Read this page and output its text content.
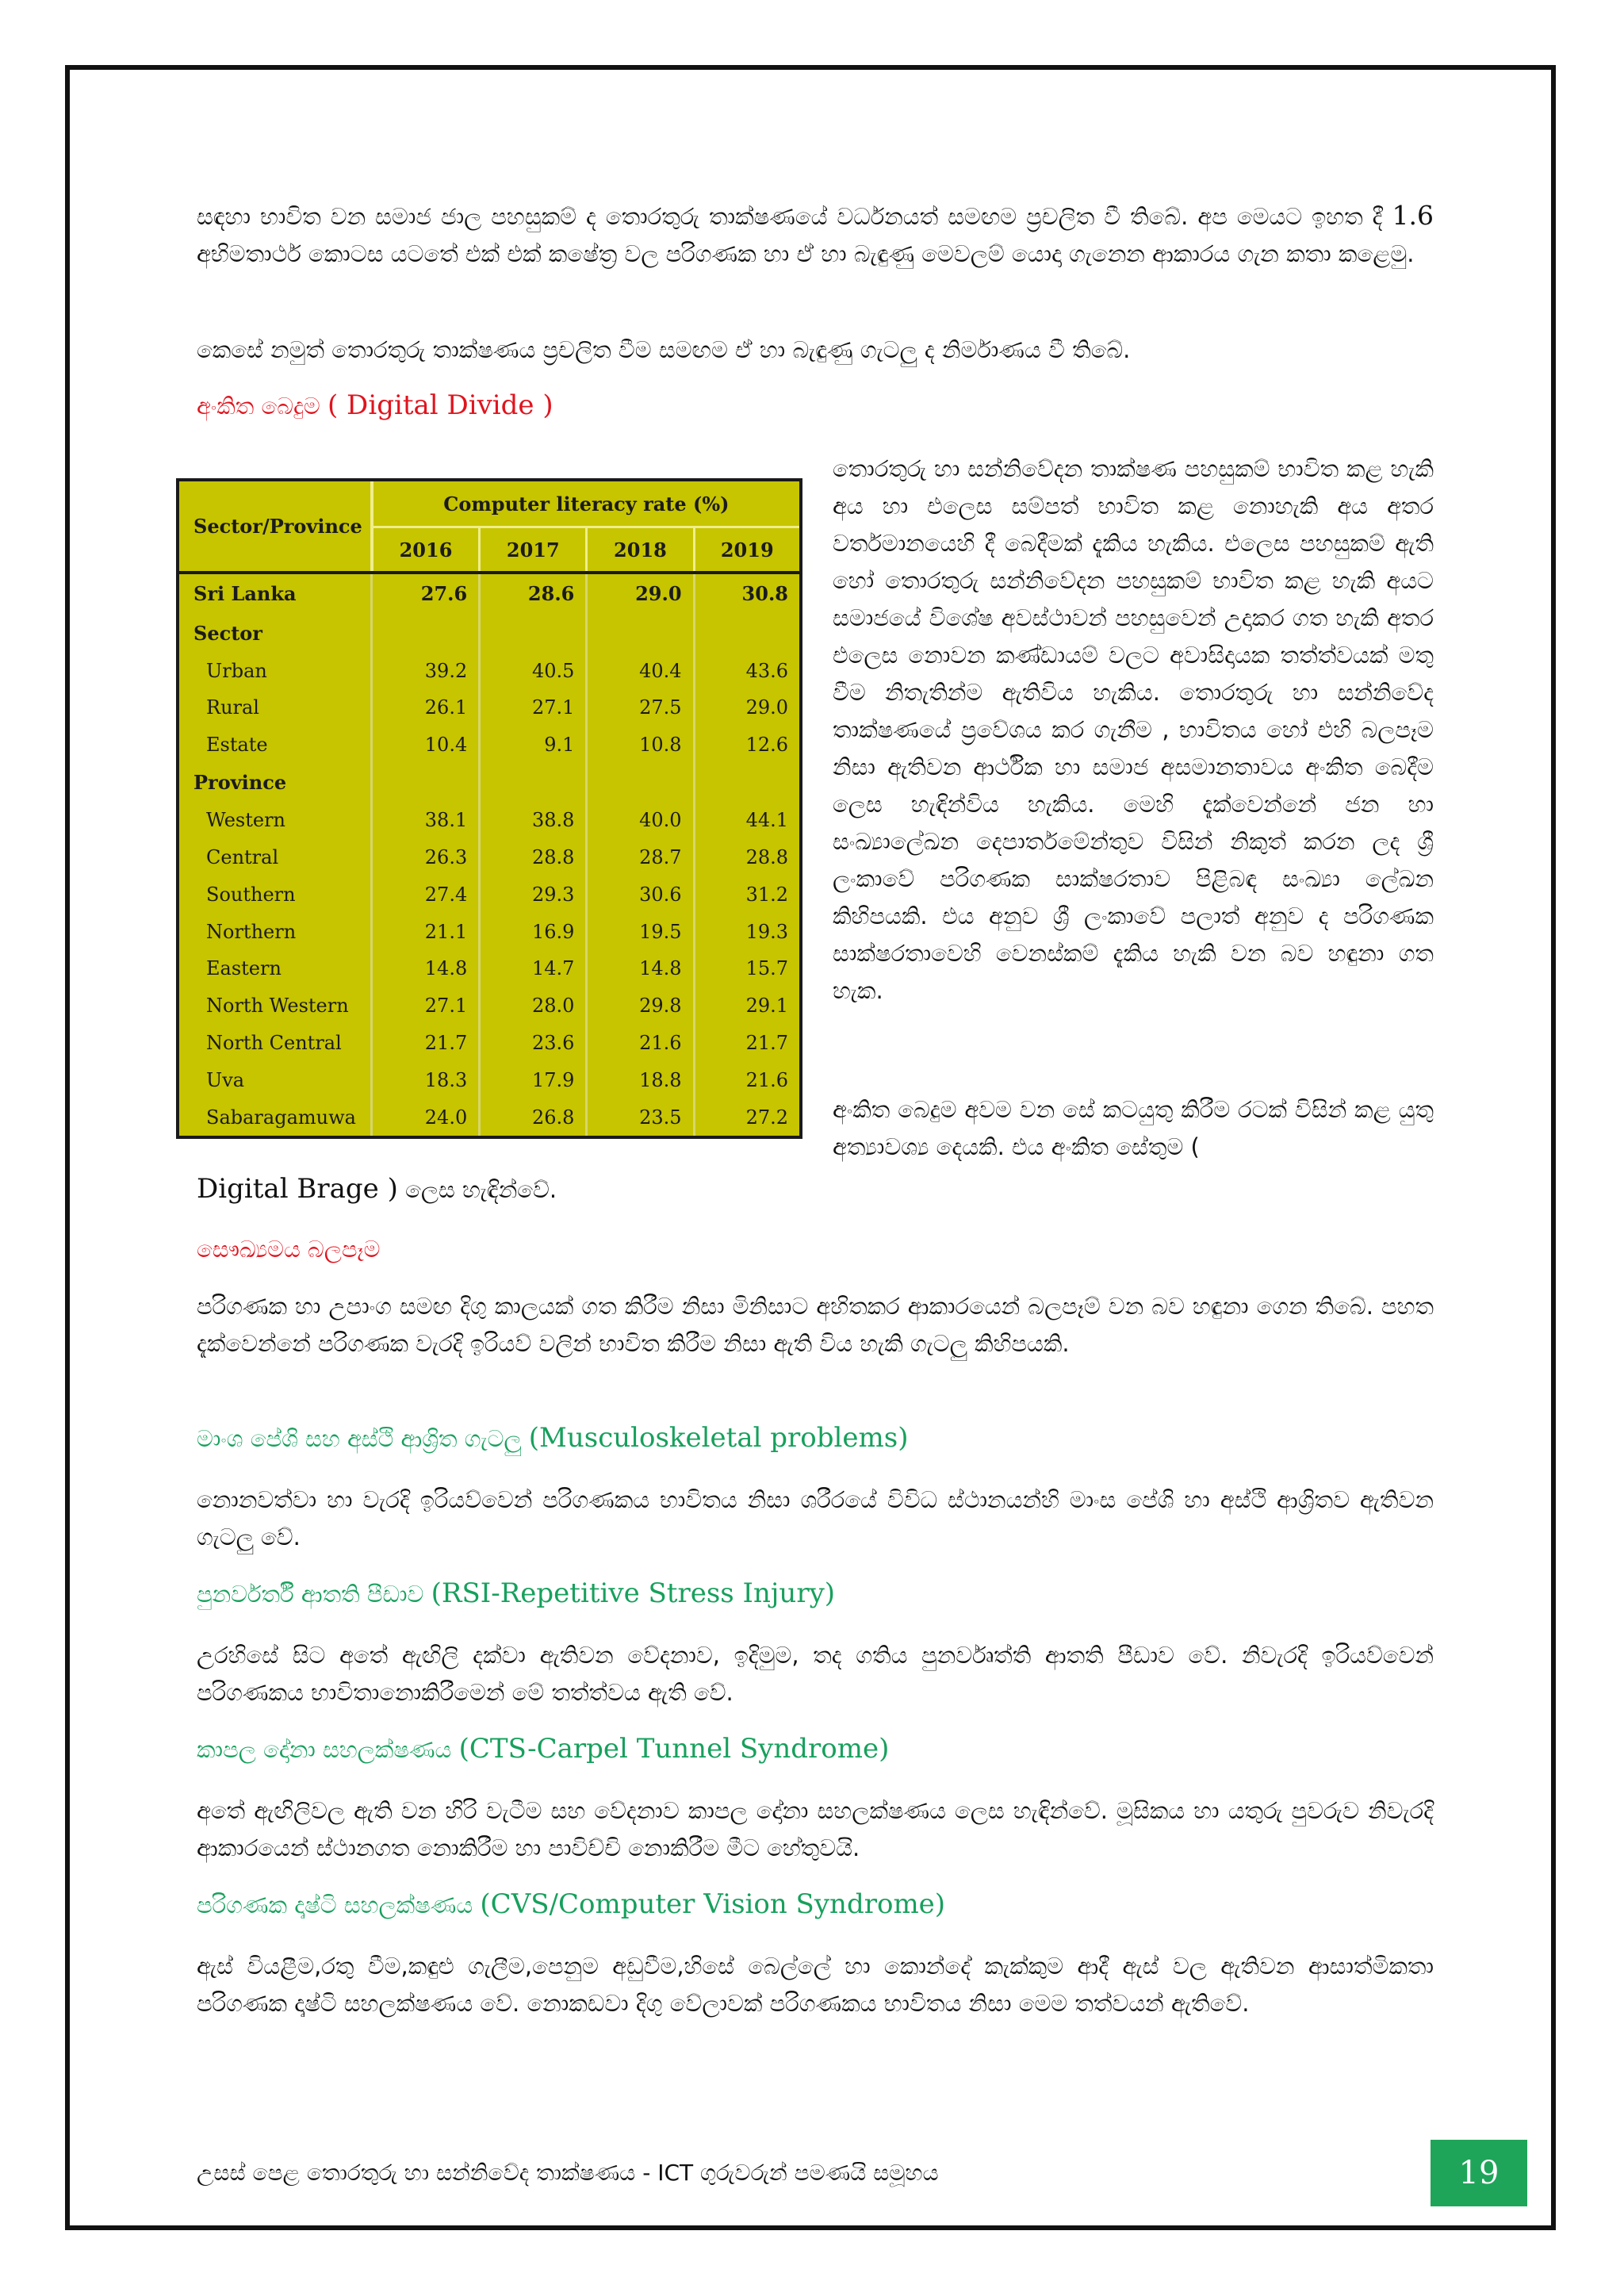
සඳහා භාවිත වන සමාජ ජාල පහසුකම් ද තොරතුරු තාක්ෂණයේ වර්ධනයත් සමඟම ප්‍රචලිත වී තිබේ. අප මෙයට ඉහත දී 1.6 අභිමතාර්ථ කොටස යටතේ එක් එක් කෂේත්‍ර වල පරිගණක හා ඒ හා බැඳුණු මෙවලම් යොදා ගැනෙන ආකාරය ගැන කතා කළෙමු.

කෙසේ නමුත් තොරතුරු තාක්ෂණය ප්‍රචලිත වීම සමඟම ඒ හා බැඳුණු ගැටලු ද නිර්මාණය වී තිබේ.

අංකිත බෙදුම ( Digital Divide )

Sector/Province	Computer literacy rate (%)			
	2016	2017	2018	2019
Sri Lanka	27.6	28.6	29.0	30.8
Sector				
Urban	39.2	40.5	40.4	43.6
Rural	26.1	27.1	27.5	29.0
Estate	10.4	9.1	10.8	12.6
Province				
Western	38.1	38.8	40.0	44.1
Central	26.3	28.8	28.7	28.8
Southern	27.4	29.3	30.6	31.2
Northern	21.1	16.9	19.5	19.3
Eastern	14.8	14.7	14.8	15.7
North Western	27.1	28.0	29.8	29.1
North Central	21.7	23.6	21.6	21.7
Uva	18.3	17.9	18.8	21.6
Sabaragamuwa	24.0	26.8	23.5	27.2

තොරතුරු හා සන්නිවේදන තාක්ෂණ පහසුකම් භාවිත කළ හැකි අය හා එලෙස සම්පත් භාවිත කළ නොහැකි අය අතර වර්තමානයෙහි දී බෙදීමක් දැකිය හැකිය. එලෙස පහසුකම් ඇති හෝ තොරතුරු සන්නිවේදන පහසුකම් භාවිත කළ හැකි අයට සමාජයේ විශේෂ අවස්ථාවන් පහසුවෙන් උදාකර ගත හැකි අතර එලෙස නොවන කණ්ඩායම් වලට අවාසිදායක තත්ත්වයක් මතු වීම නිතැතින්ම ඇතිවිය හැකිය. තොරතුරු හා සන්නිවේද තාක්ෂණයේ ප්‍රවේශය කර ගැනීම , භාවිතය හෝ එහි බලපෑම නිසා ඇතිවන ආර්ථික හා සමාජ අසමානතාවය අංකිත බෙදීම ලෙස හැඳින්විය හැකිය. මෙහි දැක්වෙන්නේ ජන හා සංඛ්‍යාලේඛන දෙපාර්තමේන්තුව විසින් නිකුත් කරන ලද ශ්‍රී ලංකාවේ පරිගණක සාක්ෂරතාව පිළිබඳ සංඛ්‍යා ලේඛන කිහිපයකි. එය අනුව ශ්‍රී ලංකාවේ පලාත් අනුව ද පරිගණක සාක්ෂරතාවෙහි වෙනස්කම් දැකිය හැකි වන බව හඳුනා ගත හැක.

අංකිත බෙදුම අවම වන සේ කටයුතු කිරීම රටක් විසින් කළ යුතු අත්‍යාවශ්‍ය දෙයකි. එය අංකිත සේතුම (

Digital Brage ) ලෙස හැඳින්වේ.

සෞඛ්‍යමය බලපෑම

පරිගණක හා උපාංග සමඟ දිගු කාලයක් ගත කිරීම නිසා මිනිසාට අහිතකර ආකාරයෙන් බලපෑම් වන බව හඳුනා ගෙන තිබේ. පහත දැක්වෙන්නේ පරිගණක වැරදි ඉරියව් වලින් භාවිත කිරීම නිසා ඇති විය හැකි ගැටලු කිහිපයකි.

මාංශ පේශි සහ අස්ථි ආශ්‍රිත ගැටලු (Musculoskeletal problems)

නොනවත්වා හා වැරදි ඉරියව්වෙන් පරිගණකය භාවිතය නිසා ශරීරයේ විවිධ ස්ථානයන්හි මාංස පේශි හා අස්ථි ආශ්‍රිතව ඇතිවන ගැටලු වේ.

පුනර්වර්තී ආතති පීඩාව (RSI-Repetitive Stress Injury)

උරහිසේ සිට අතේ ඇඟිලි දක්වා ඇතිවන වේදනාව, ඉදිමුම, තද ගතිය පුනර්වෘත්ති ආතති පීඩාව වේ. නිවැරදි ඉරියව්වෙන් පරිගණකය භාවිතානොකිරීමෙන් මේ තත්ත්වය ඇති වේ.

කාපල දෝනා සහලක්ෂණය (CTS-Carpel Tunnel Syndrome)

අතේ ඇඟිලිවල ඇති වන හිරි වැටීම සහ වේදනාව කාපල දෝනා සහලක්ෂණය ලෙස හැඳින්වේ. මූසිකය හා යතුරු පුවරුව නිවැරදි ආකාරයෙන් ස්ථානගත නොකිරීම හා පාවිච්චි නොකිරීම මීට හේතුවයි.

පරිගණක දෘෂ්ටි සහලක්ෂණය (CVS/Computer Vision Syndrome)

ඇස් වියළීම,රතු වීම,කඳුළු ගැලීම,පෙනුම අඩුවීම,හිසේ බෙල්ලේ හා කොන්දේ කැක්කුම ආදී ඇස් වල ඇතිවන ආසාත්මිකතා පරිගණක දෘෂ්ටි සහලක්ෂණය වේ. නොකඩවා දිගු වේලාවක් පරිගණකය භාවිතය නිසා මෙම තත්වයන් ඇතිවේ.

උසස් පෙළ තොරතුරු හා සන්නිවේද තාක්ෂණය - ICT ගුරුවරුන් පමණයි සමූහය	19
